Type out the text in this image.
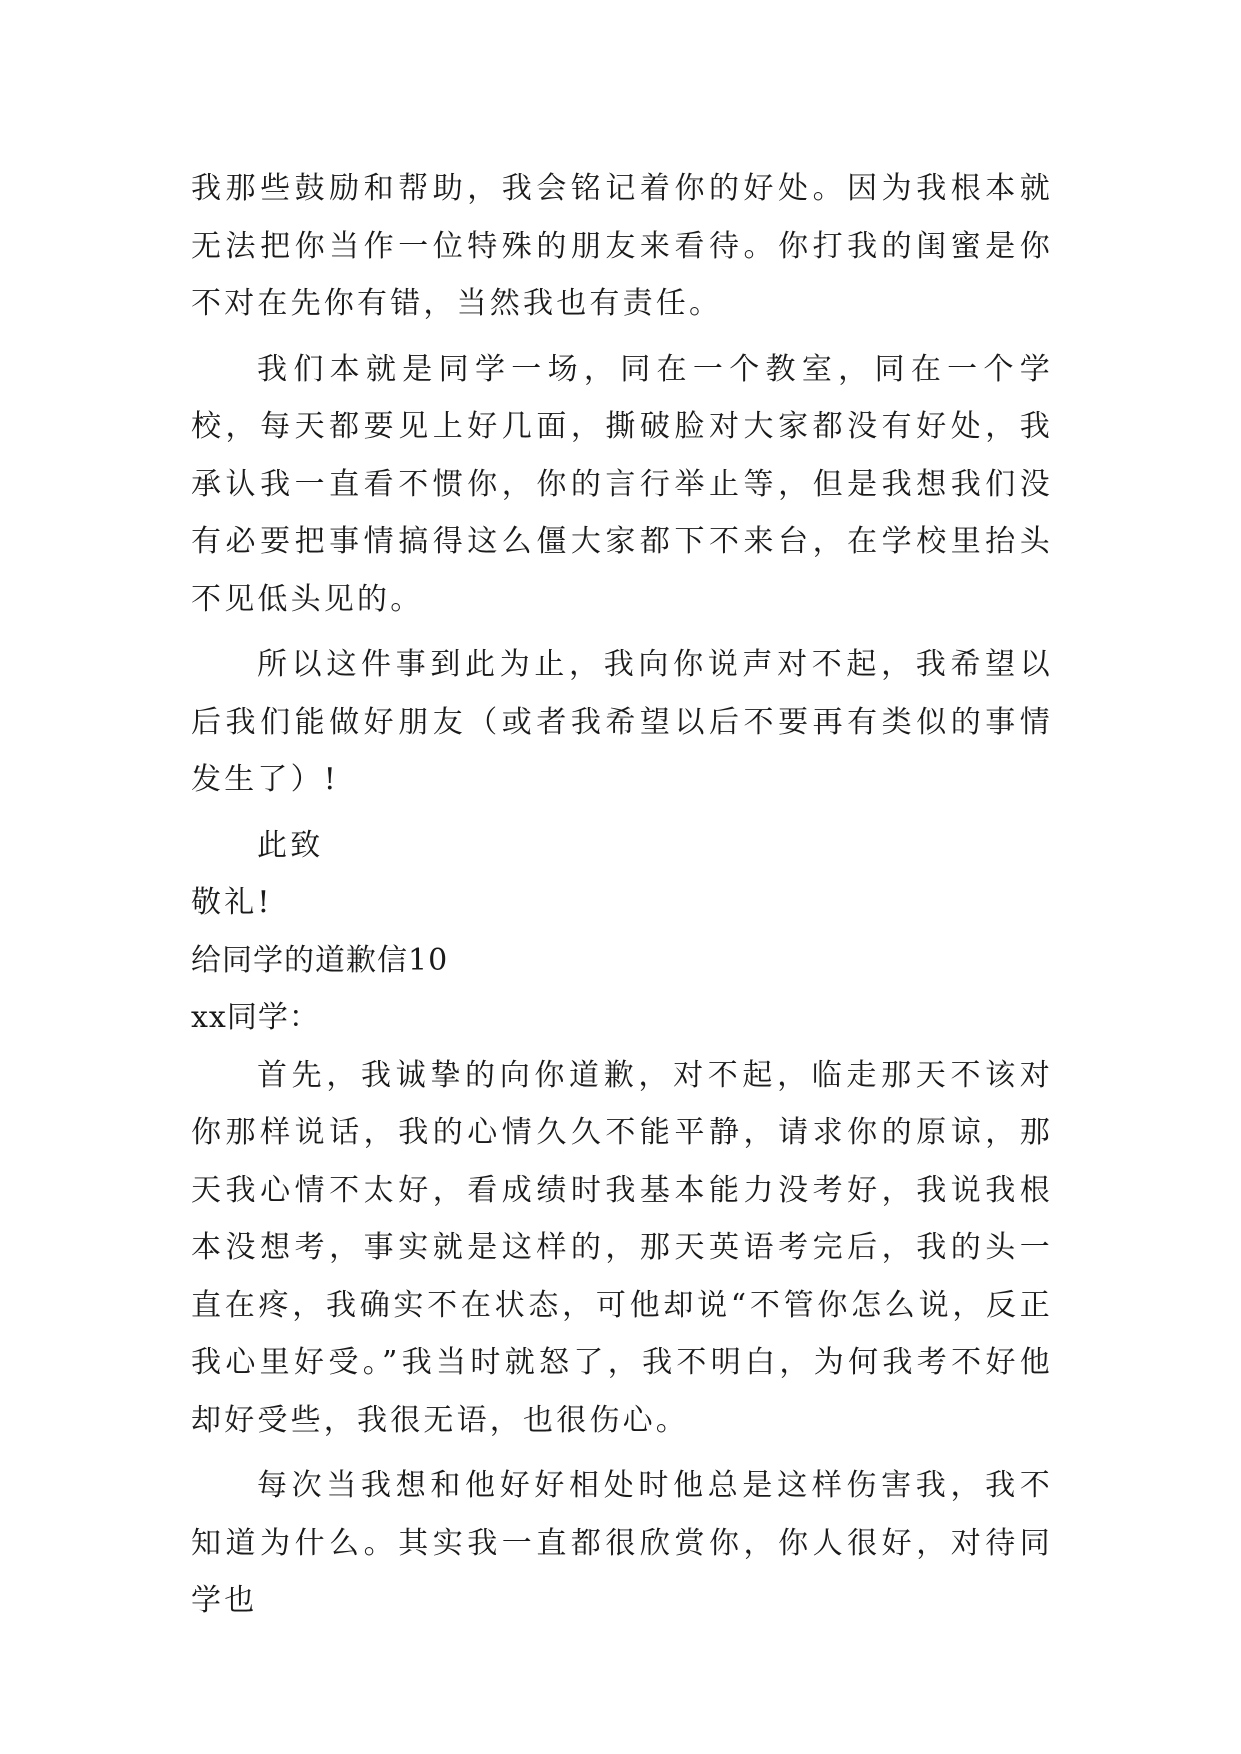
我那些鼓励和帮助，我会铭记着你的好处。因为我根本就无法把你当作一位特殊的朋友来看待。你打我的闺蜜是你不对在先你有错，当然我也有责任。

我们本就是同学一场，同在一个教室，同在一个学校，每天都要见上好几面，撕破脸对大家都没有好处，我承认我一直看不惯你，你的言行举止等，但是我想我们没有必要把事情搞得这么僵大家都下不来台，在学校里抬头不见低头见的。

所以这件事到此为止，我向你说声对不起，我希望以后我们能做好朋友（或者我希望以后不要再有类似的事情发生了）!

此致

敬礼!

给同学的道歉信10

xx同学：

首先，我诚挚的向你道歉，对不起，临走那天不该对你那样说话，我的心情久久不能平静，请求你的原谅，那天我心情不太好，看成绩时我基本能力没考好，我说我根本没想考，事实就是这样的，那天英语考完后，我的头一直在疼，我确实不在状态，可他却说“不管你怎么说，反正我心里好受。”我当时就怒了，我不明白，为何我考不好他却好受些，我很无语，也很伤心。

每次当我想和他好好相处时他总是这样伤害我，我不知道为什么。其实我一直都很欣赏你，你人很好，对待同学也
